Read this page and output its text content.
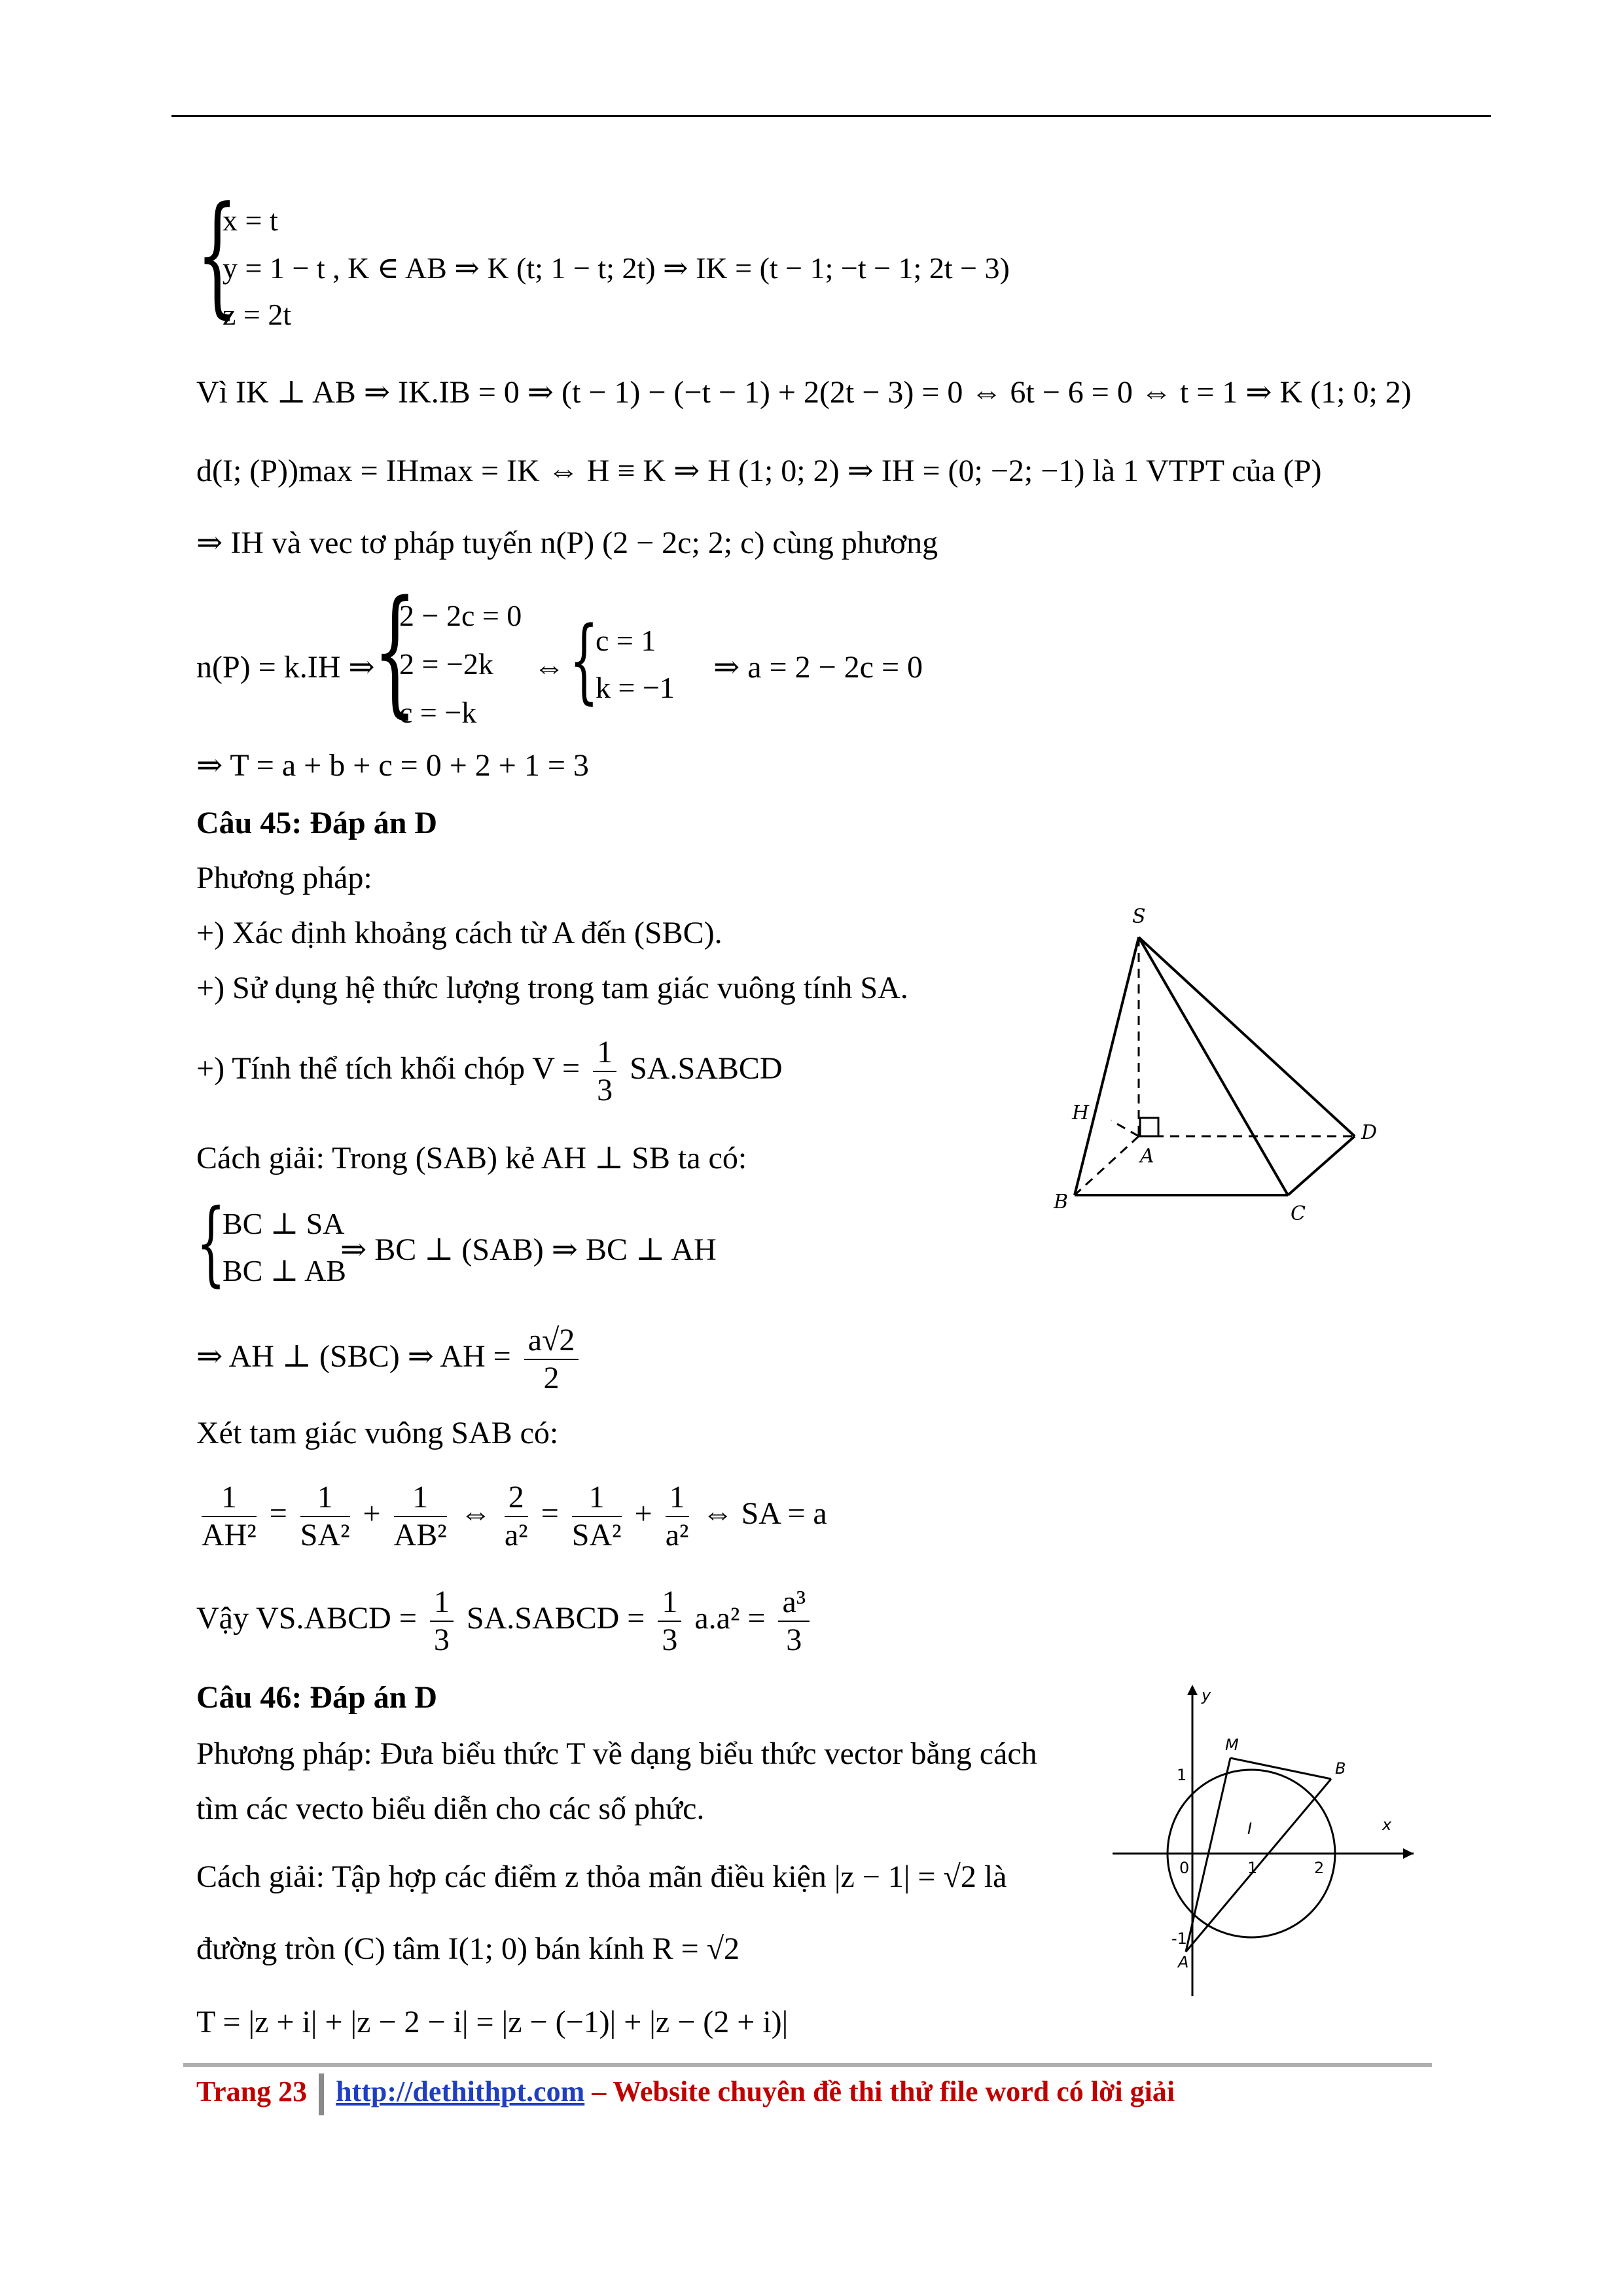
{
x = t
y = 1 − t , K ∈ AB ⇒ K (t; 1 − t; 2t) ⇒ IK = (t − 1; −t − 1; 2t − 3)
z = 2t
Vì IK ⊥ AB ⇒ IK.IB = 0 ⇒ (t − 1) − (−t − 1) + 2(2t − 3) = 0 ⇔ 6t − 6 = 0 ⇔ t = 1 ⇒ K (1; 0; 2)
d(I; (P))max = IHmax = IK ⇔ H ≡ K ⇒ H (1; 0; 2) ⇒ IH = (0; −2; −1) là 1 VTPT của (P)
⇒ IH và vec tơ pháp tuyến n(P) (2 − 2c; 2; c) cùng phương
n(P) = k.IH ⇒
{
2 − 2c = 0
2 = −2k
c = −k
⇔ {
c = 1
k = −1
⇒ a = 2 − 2c = 0
⇒ T = a + b + c = 0 + 2 + 1 = 3
Câu 45: Đáp án D
Phương pháp:
+) Xác định khoảng cách từ A đến (SBC).
+) Sử dụng hệ thức lượng trong tam giác vuông tính SA.
+) Tính thể tích khối chóp $V = \frac{1}{3}$ SA.SABCD
Cách giải: Trong (SAB) kẻ AH ⊥ SB ta có:
{
BC ⊥ SA
BC ⊥ AB
⇒ BC ⊥ (SAB) ⇒ BC ⊥ AH
⇒ AH ⊥ (SBC) ⇒ AH = $\frac{a√2}{2}$
Xét tam giác vuông SAB có:
$\frac{1}{\text{AH²}} = \frac{1}{\text{SA²}} + \frac{1}{\text{AB²}}$ ⇔ $\frac{2}{\text{a²}} = \frac{1}{\text{SA²}} + \frac{1}{\text{a²}}$ ⇔ SA = a
Vậy VS.ABCD = $\frac{1}{3}$ SA.SABCD = $\frac{1}{3} a.a^2 = \frac{\text{a³}}{3}$
Câu 46: Đáp án D
Phương pháp: Đưa biểu thức T về dạng biểu thức vector bằng cách
tìm các vecto biểu diễn cho các số phức.
Cách giải: Tập hợp các điểm z thỏa mãn điều kiện |z − 1| = √2 là
đường tròn (C) tâm I(1; 0) bán kính R = √2
T = |z + i| + |z − 2 − i| = |z − (−1)| + |z − (2 + i)|
S
H
A
D
B
C
y
M
B
1
I	x
0	1	2
-1
A
Trang 23 http://dethithpt.com – Website chuyên đề thi thử file word có lời giải
